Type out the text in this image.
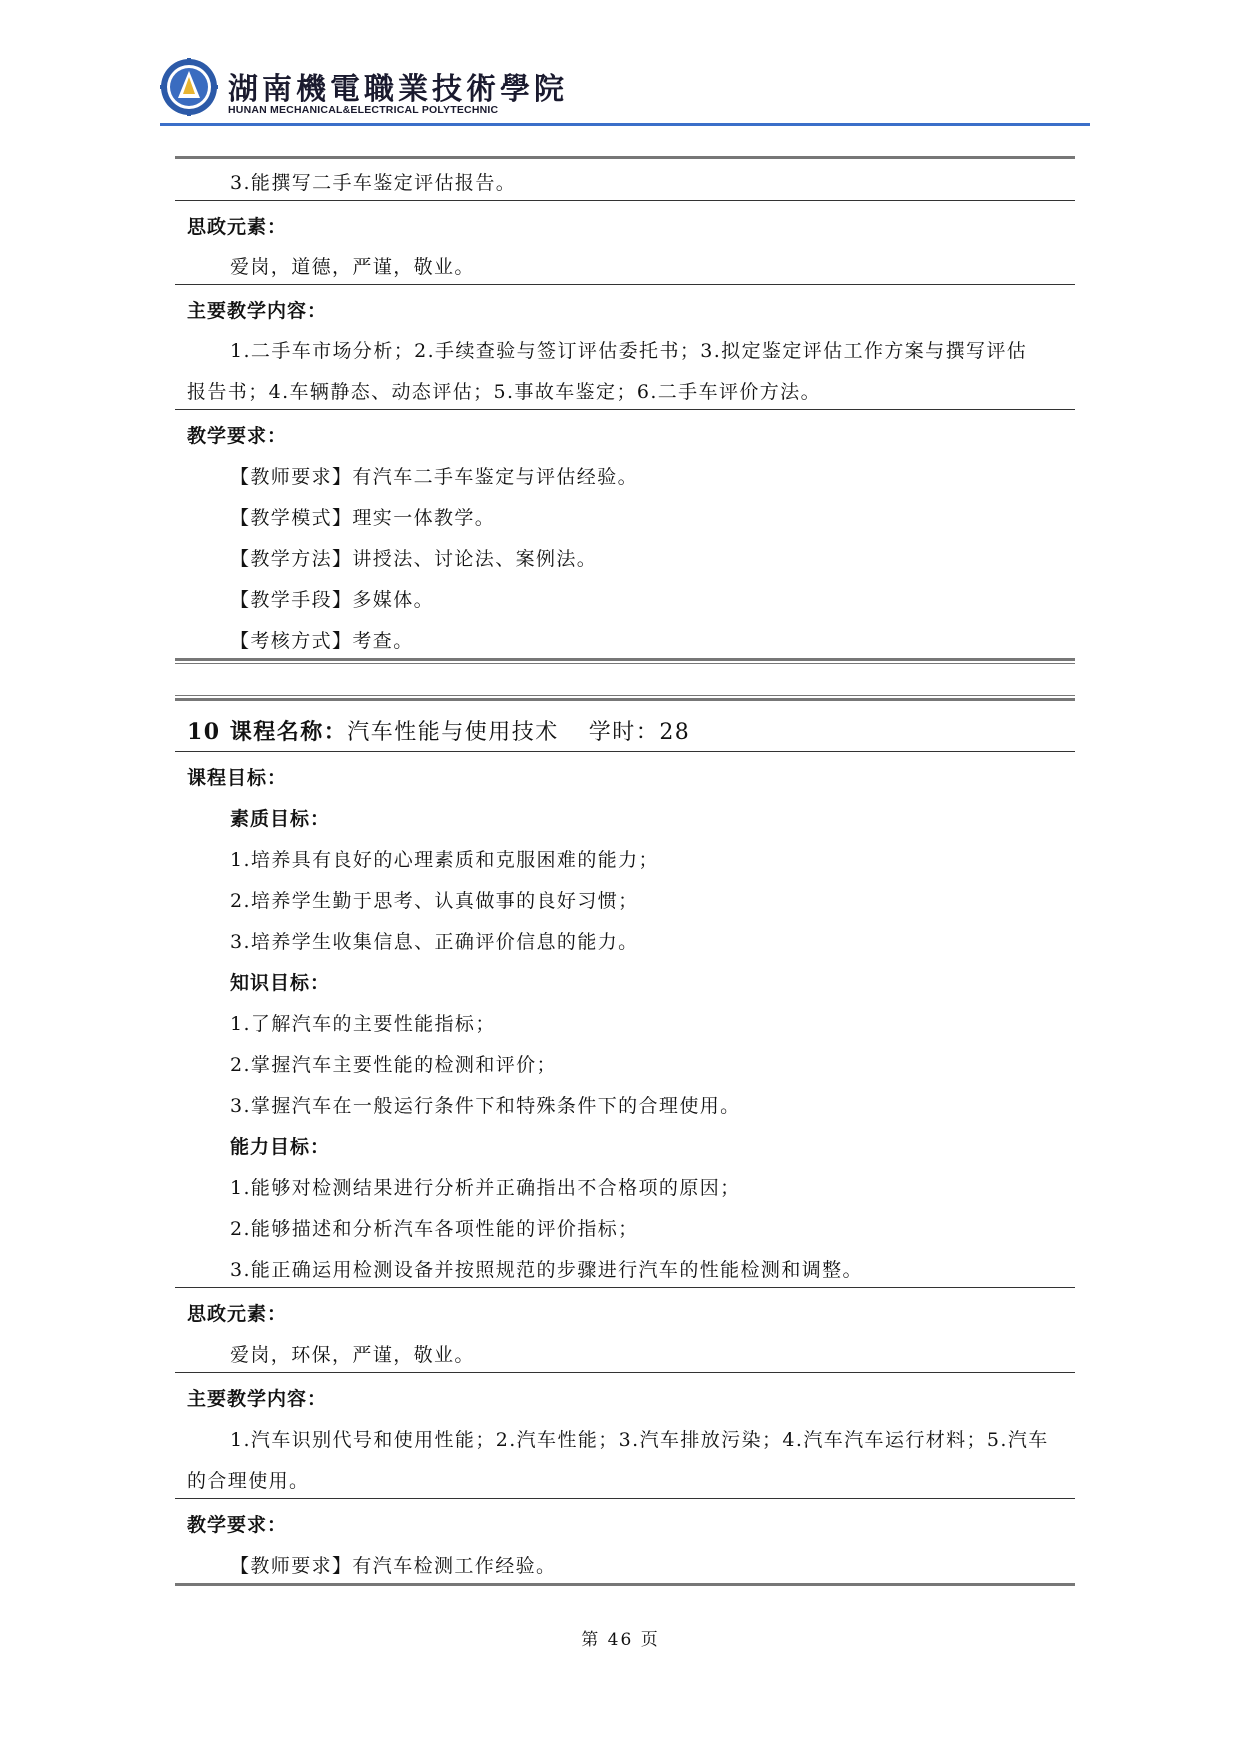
湖南機電職業技術學院
HUNAN MECHANICAL&ELECTRICAL POLYTECHNIC
3.能撰写二手车鉴定评估报告。
思政元素：
爱岗，道德，严谨，敬业。
主要教学内容：
1.二手车市场分析；2.手续查验与签订评估委托书；3.拟定鉴定评估工作方案与撰写评估
报告书；4.车辆静态、动态评估；5.事故车鉴定；6.二手车评价方法。
教学要求：
【教师要求】有汽车二手车鉴定与评估经验。
【教学模式】理实一体教学。
【教学方法】讲授法、讨论法、案例法。
【教学手段】多媒体。
【考核方式】考查。
10 课程名称：汽车性能与使用技术 学时：28
课程目标：
素质目标：
1.培养具有良好的心理素质和克服困难的能力；
2.培养学生勤于思考、认真做事的良好习惯；
3.培养学生收集信息、正确评价信息的能力。
知识目标：
1.了解汽车的主要性能指标；
2.掌握汽车主要性能的检测和评价；
3.掌握汽车在一般运行条件下和特殊条件下的合理使用。
能力目标：
1.能够对检测结果进行分析并正确指出不合格项的原因；
2.能够描述和分析汽车各项性能的评价指标；
3.能正确运用检测设备并按照规范的步骤进行汽车的性能检测和调整。
思政元素：
爱岗，环保，严谨，敬业。
主要教学内容：
1.汽车识别代号和使用性能；2.汽车性能；3.汽车排放污染；4.汽车汽车运行材料；5.汽车
的合理使用。
教学要求：
【教师要求】有汽车检测工作经验。
第 46 页
